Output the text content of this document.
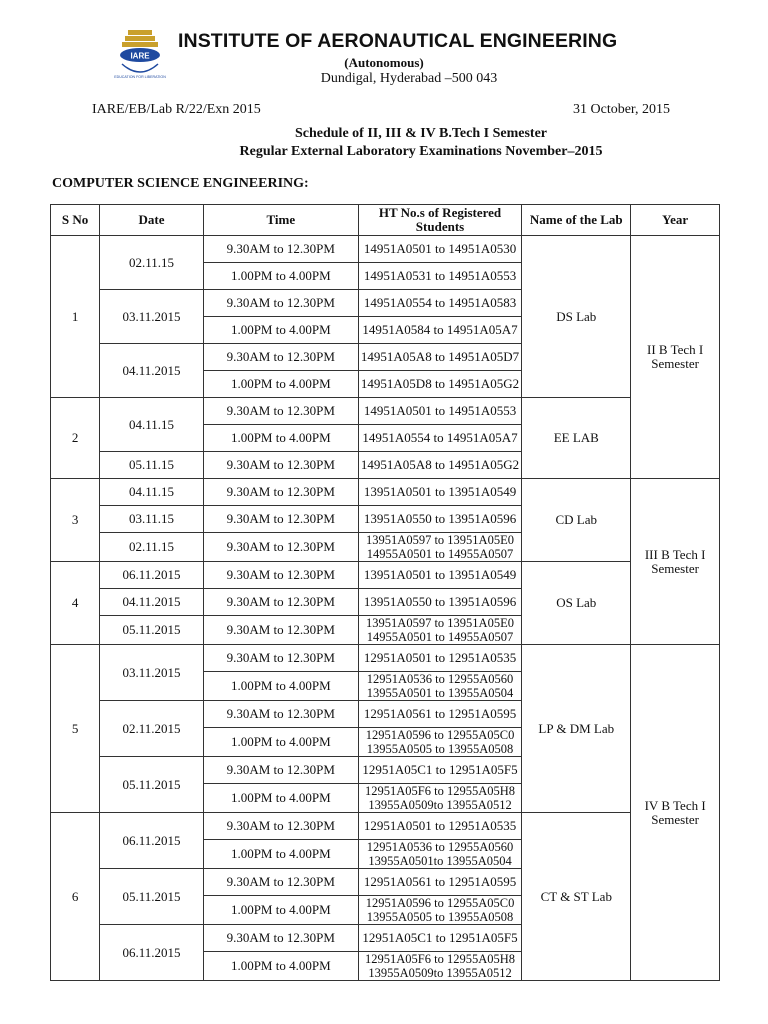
IARE
EDUCATION FOR LIBERATION
INSTITUTE OF AERONAUTICAL ENGINEERING
(Autonomous)
Dundigal, Hyderabad –500 043
IARE/EB/Lab R/22/Exn 2015	31 October, 2015
Schedule of II, III & IV B.Tech I Semester
Regular External Laboratory Examinations November–2015
COMPUTER SCIENCE ENGINEERING:
S No	Date	Time	HT No.s of Registered Students	Name of the Lab	Year
1	02.11.15	9.30AM to 12.30PM	14951A0501 to 14951A0530	DS Lab	II B Tech I Semester
		1.00PM to 4.00PM	14951A0531 to 14951A0553		

	03.11.2015	9.30AM to 12.30PM	14951A0554 to 14951A0583		

		1.00PM to 4.00PM	14951A0584 to 14951A05A7		

	04.11.2015	9.30AM to 12.30PM	14951A05A8 to 14951A05D7		

		1.00PM to 4.00PM	14951A05D8 to 14951A05G2		

2	04.11.15	9.30AM to 12.30PM	14951A0501 to 14951A0553	EE LAB	
		1.00PM to 4.00PM	14951A0554 to 14951A05A7		

	05.11.15	9.30AM to 12.30PM	14951A05A8 to 14951A05G2		

3	04.11.15	9.30AM to 12.30PM	13951A0501 to 13951A0549	CD Lab	III B Tech I Semester
	03.11.15	9.30AM to 12.30PM	13951A0550 to 13951A0596		

	02.11.15	9.30AM to 12.30PM	13951A0597 to 13951A05E0
14955A0501 to 14955A0507		

4	06.11.2015	9.30AM to 12.30PM	13951A0501 to 13951A0549	OS Lab	
	04.11.2015	9.30AM to 12.30PM	13951A0550 to 13951A0596		

	05.11.2015	9.30AM to 12.30PM	13951A0597 to 13951A05E0
14955A0501 to 14955A0507		

5	03.11.2015	9.30AM to 12.30PM	12951A0501 to 12951A0535	LP & DM Lab	IV B Tech I Semester
		1.00PM to 4.00PM	12951A0536 to 12955A0560
13955A0501 to 13955A0504		

	02.11.2015	9.30AM to 12.30PM	12951A0561 to 12951A0595		

		1.00PM to 4.00PM	12951A0596 to 12955A05C0
13955A0505 to 13955A0508		

	05.11.2015	9.30AM to 12.30PM	12951A05C1 to 12951A05F5		

		1.00PM to 4.00PM	12951A05F6 to 12955A05H8
13955A0509to 13955A0512		

6	06.11.2015	9.30AM to 12.30PM	12951A0501 to 12951A0535	CT & ST Lab	
		1.00PM to 4.00PM	12951A0536 to 12955A0560
13955A0501to 13955A0504		

	05.11.2015	9.30AM to 12.30PM	12951A0561 to 12951A0595		

		1.00PM to 4.00PM	12951A0596 to 12955A05C0
13955A0505 to 13955A0508		

	06.11.2015	9.30AM to 12.30PM	12951A05C1 to 12951A05F5		

		1.00PM to 4.00PM	12951A05F6 to 12955A05H8
13955A0509to 13955A0512		
